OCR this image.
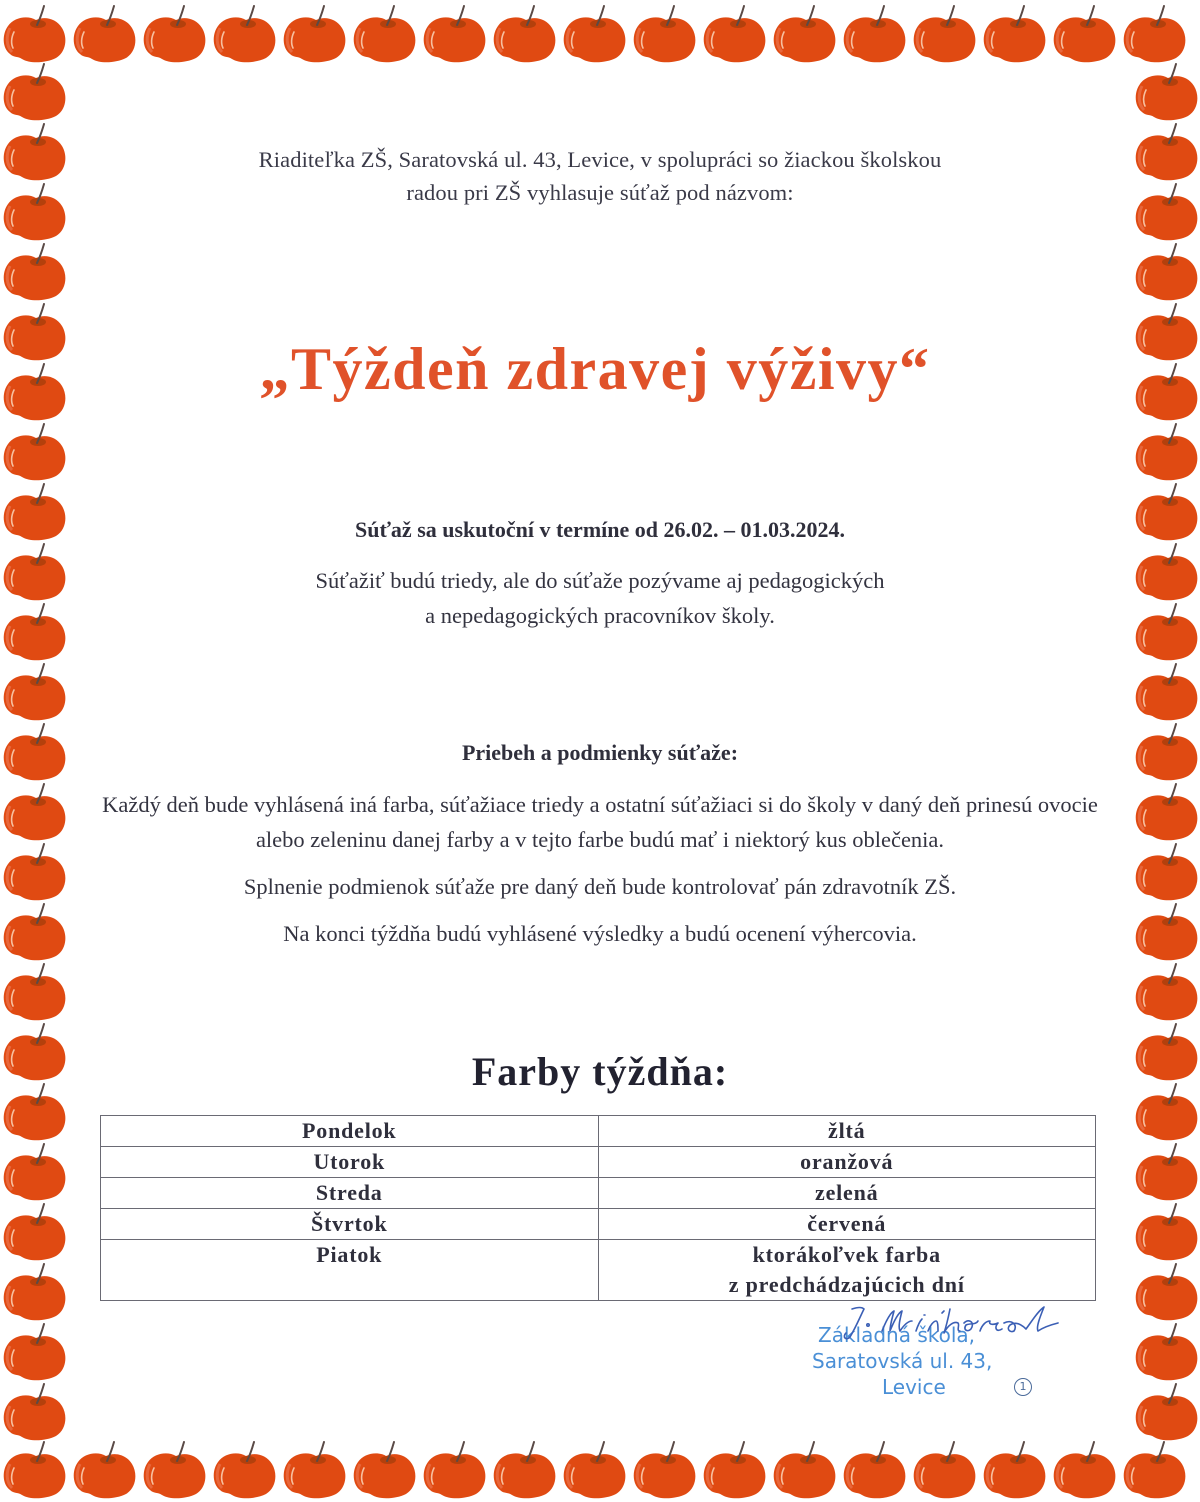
Riaditeľka ZŠ, Saratovská ul. 43, Levice, v spolupráci so žiackou školskou
radou pri ZŠ vyhlasuje súťaž pod názvom:
„Týždeň zdravej výživy“
Súťaž sa uskutoční v termíne od 26.02. – 01.03.2024.
Súťažiť budú triedy, ale do súťaže pozývame aj pedagogických
a nepedagogických pracovníkov školy.
Priebeh a podmienky súťaže:

Každý deň bude vyhlásená iná farba, súťažiace triedy a ostatní súťažiaci si do školy v daný deň prinesú ovocie alebo zeleninu danej farby a v tejto farbe budú mať i niektorý kus oblečenia.

Splnenie podmienok súťaže pre daný deň bude kontrolovať pán zdravotník ZŠ.

Na konci týždňa budú vyhlásené výsledky a budú ocenení výhercovia.

Farby týždňa:
Pondelok	žltá
Utorok	oranžová
Streda	zelená
Štvrtok	červená
Piatok	ktorákoľvek farba
z predchádzajúcich dní
Základná škola,
Saratovská ul. 43,
Levice	1
